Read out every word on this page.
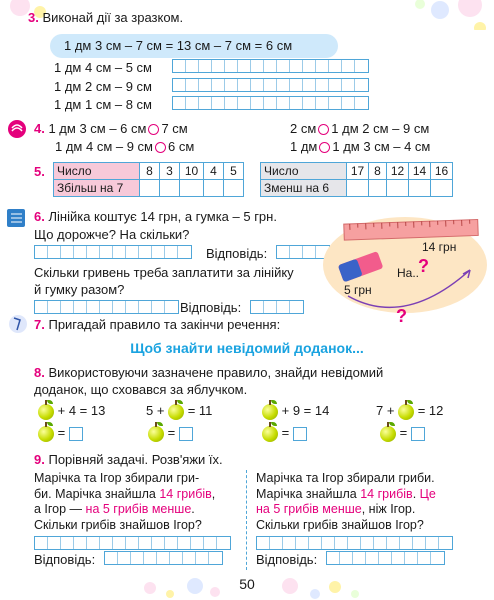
3. Виконай дії за зразком.
1 дм 3 см – 7 см = 13 см – 7 см = 6 см
1 дм 4 см – 5 см
1 дм 2 см – 9 см
1 дм 1 см – 8 см
4. 1 дм 3 см – 6 см 7 см
1 дм 4 см – 9 см 6 см
2 см 1 дм 2 см – 9 см
1 дм 1 дм 3 см – 4 см
5. Число	8	3	10	4	5
Збільш на 7					
Число	17	8	12	14	16
Зменш на 6					
6. Лінійка коштує 14 грн, а гумка – 5 грн.
Що дорожче? На скільки?
Відповідь:
Скільки гривень треба заплатити за лінійку
й гумку разом?
Відповідь:
14 грн
5 грн
На..
?
?
7. Пригадай правило та закінчи речення:
Щоб знайти невідомий доданок...
8. Використовуючи зазначене правило, знайди невідомий
доданок, що сховався за яблучком.
+ 4 = 13	5 + = 11	+ 9 = 14	7 + = 12
=	=	=	=
9. Порівняй задачі. Розв'яжи їх.
Марічка та Ігор збирали гри-
би. Марічка знайшла 14 грибів,
а Ігор — на 5 грибів менше.
Скільки грибів знайшов Ігор?
Марічка та Ігор збирали гриби.
Марічка знайшла 14 грибів. Це
на 5 грибів менше, ніж Ігор.
Скільки грибів знайшов Ігор?
Відповідь:	Відповідь:
50
